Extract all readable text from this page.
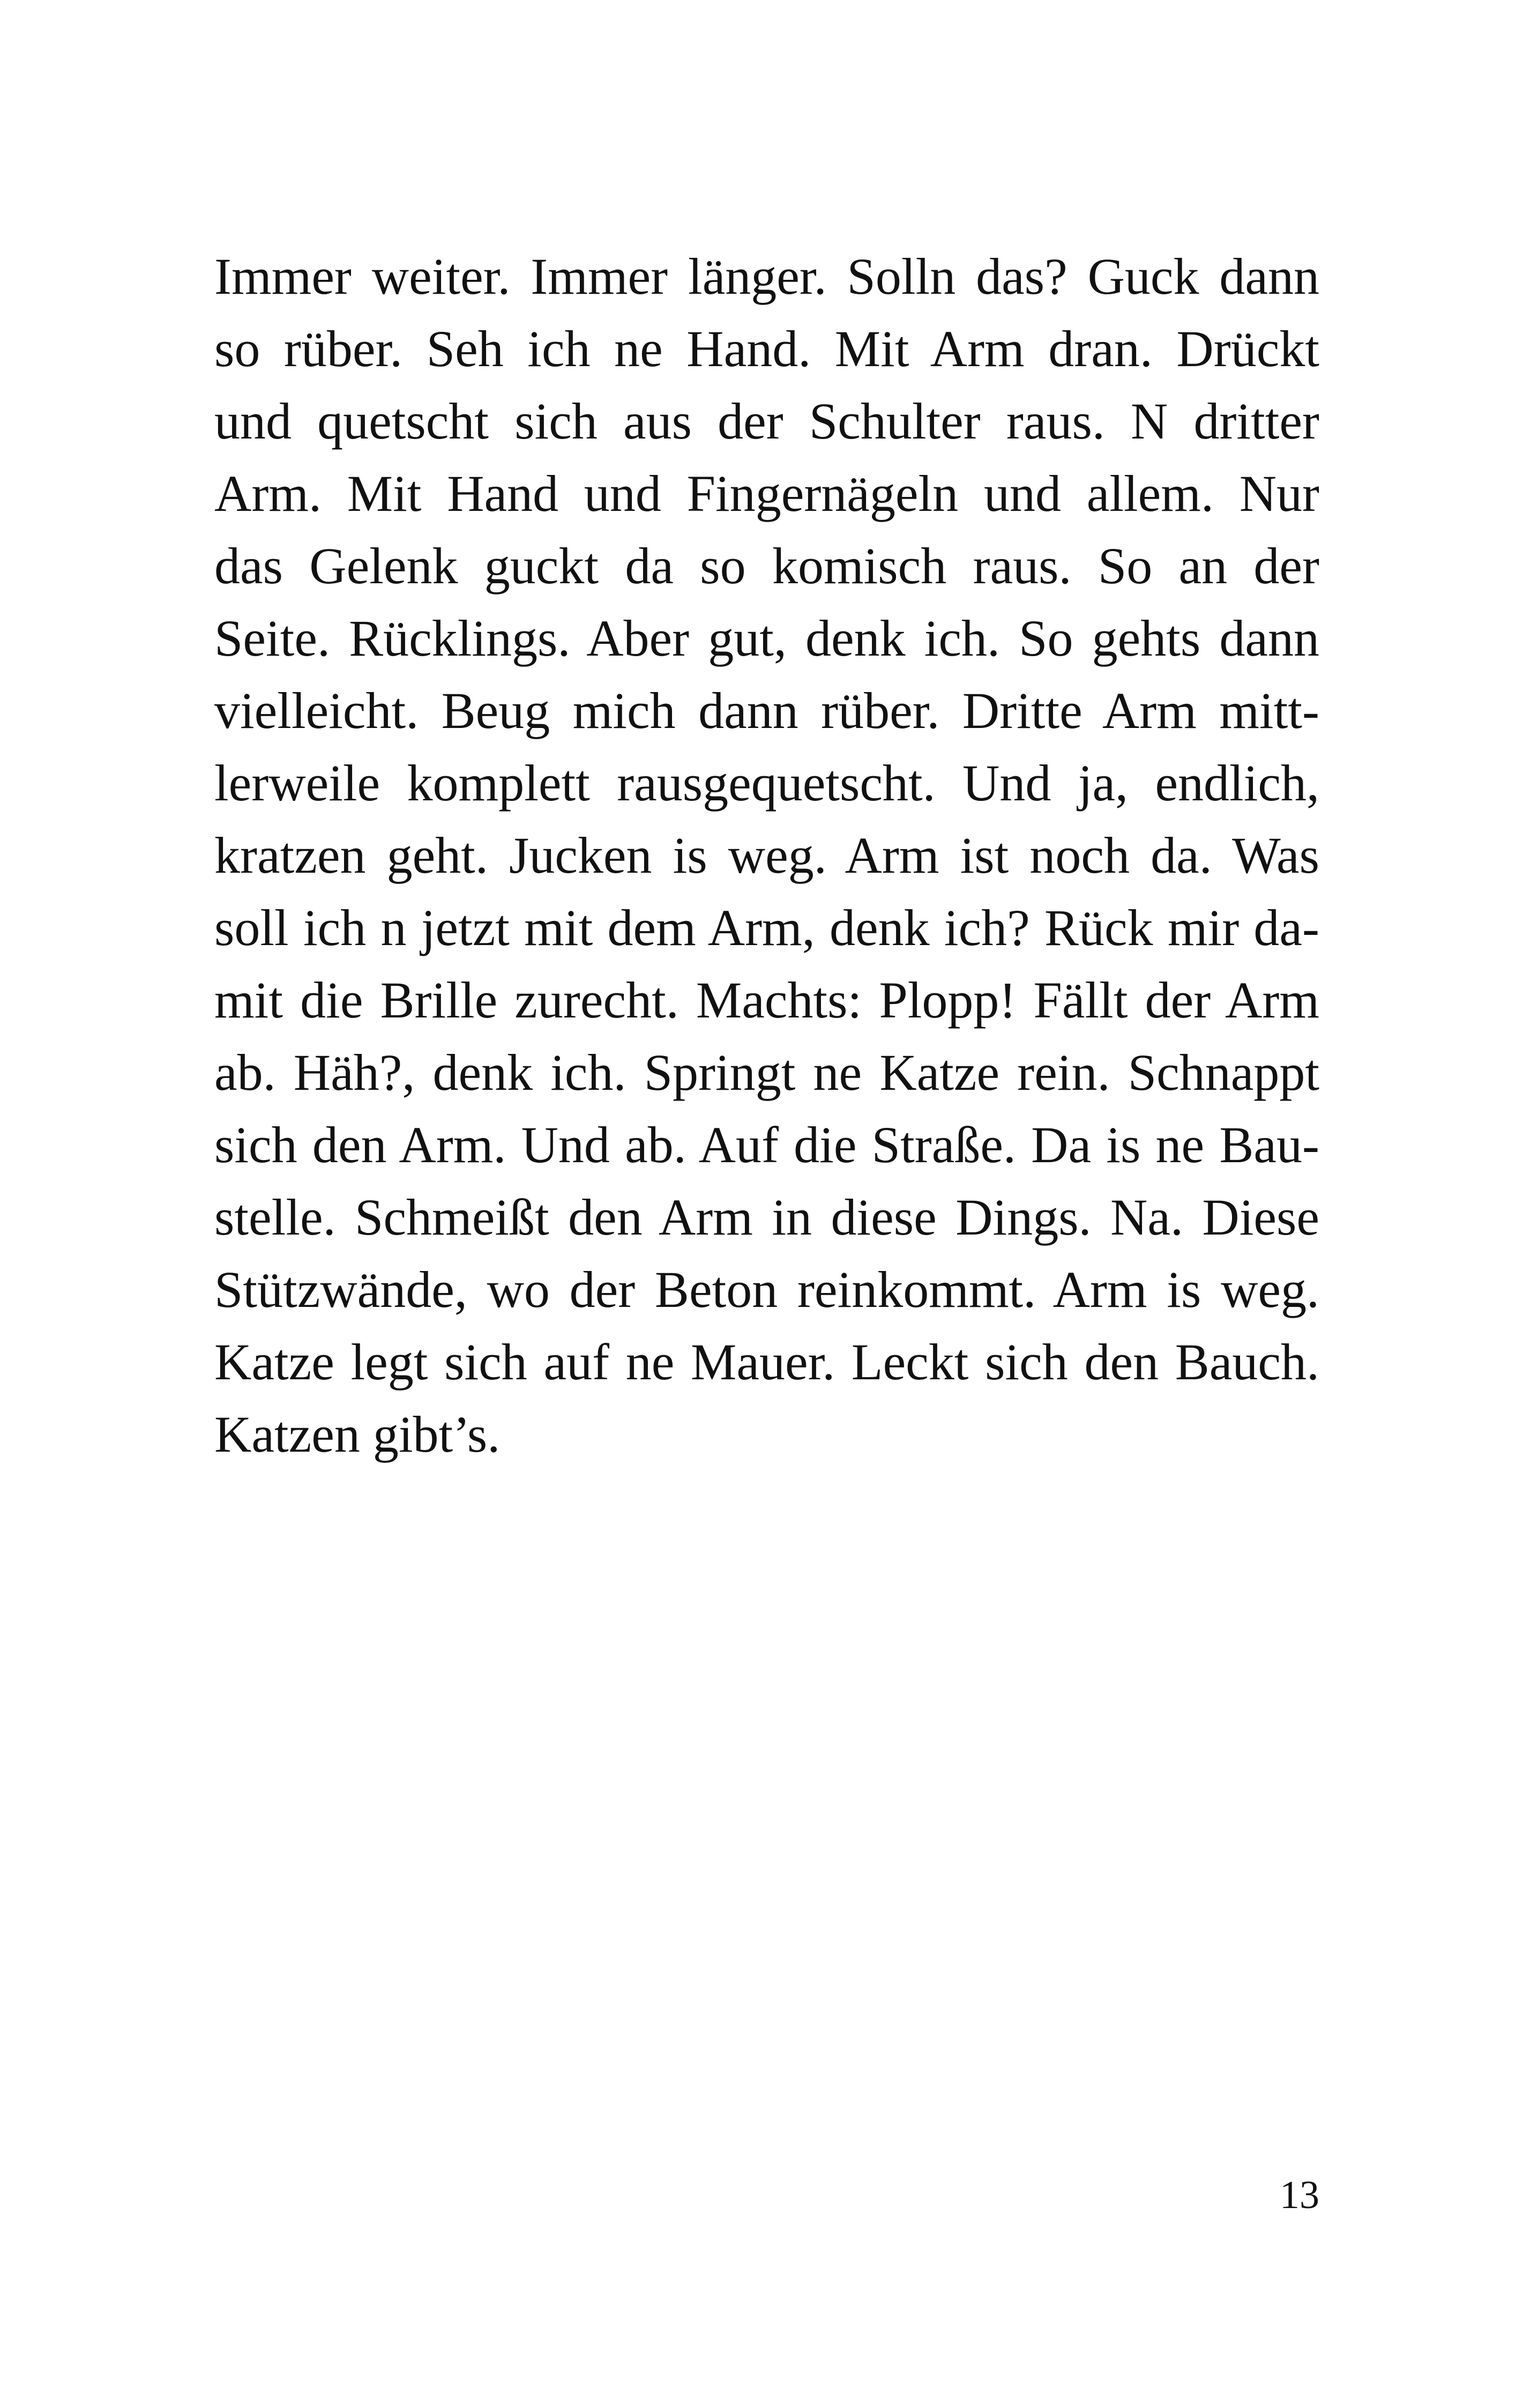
Immer weiter. Immer länger. Solln das? Guck dann
so rüber. Seh ich ne Hand. Mit Arm dran. Drückt
und quetscht sich aus der Schulter raus. N dritter
Arm. Mit Hand und Fingernägeln und allem. Nur
das Gelenk guckt da so komisch raus. So an der
Seite. Rücklings. Aber gut, denk ich. So gehts dann
vielleicht. Beug mich dann rüber. Dritte Arm mitt-
lerweile komplett rausgequetscht. Und ja, endlich,
kratzen geht. Jucken is weg. Arm ist noch da. Was
soll ich n jetzt mit dem Arm, denk ich? Rück mir da-
mit die Brille zurecht. Machts: Plopp! Fällt der Arm
ab. Häh?, denk ich. Springt ne Katze rein. Schnappt
sich den Arm. Und ab. Auf die Straße. Da is ne Bau-
stelle. Schmeißt den Arm in diese Dings. Na. Diese
Stützwände, wo der Beton reinkommt. Arm is weg.
Katze legt sich auf ne Mauer. Leckt sich den Bauch.
Katzen gibt’s.
13
